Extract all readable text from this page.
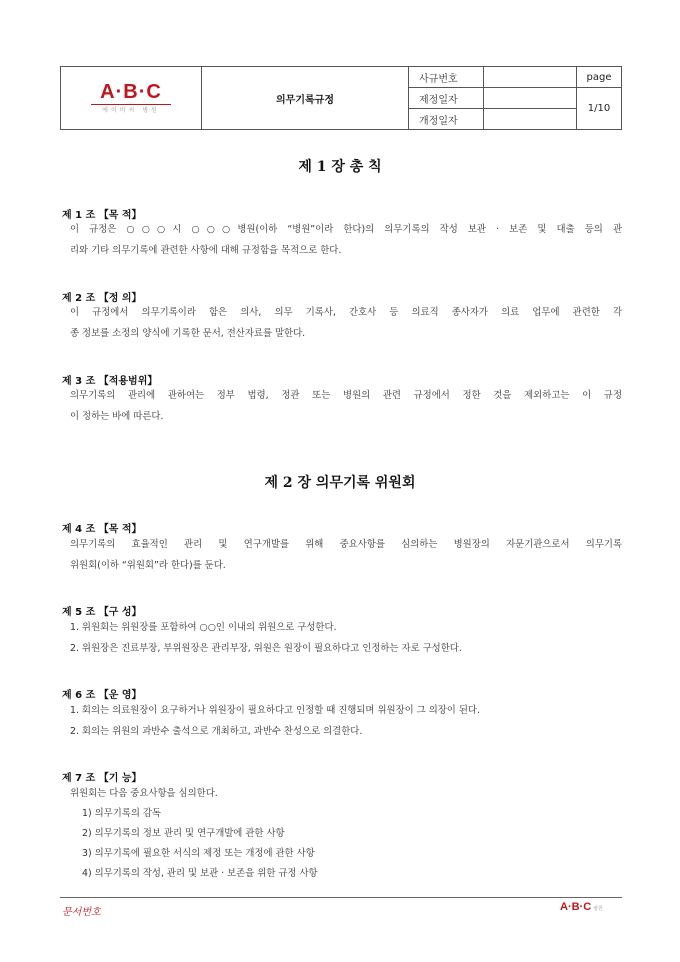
A·B·C
에이비씨 병원	의무기록규정	사규번호		page
		제정일자		1/10
		개정일자		
제 1 장 총 칙
제 1 조 【목 적】
이 규정은 ○○○시 ○○○병원(이하 “병원”이라 한다)의 의무기록의 작성 보관 · 보존 및 대출 등의 관
리와 기타 의무기록에 관련한 사항에 대해 규정함을 목적으로 한다.
제 2 조 【정 의】
이 규정에서 의무기록이라 함은 의사, 의무 기록사, 간호사 등 의료직 종사자가 의료 업무에 관련한 각
종 정보를 소정의 양식에 기록한 문서, 전산자료를 말한다.
제 3 조 【적용범위】
의무기록의 관리에 관하여는 정부 법령, 정관 또는 병원의 관련 규정에서 정한 것을 제외하고는 이 규정
이 정하는 바에 따른다.
제 2 장 의무기록 위원회
제 4 조 【목 적】
의무기록의 효율적인 관리 및 연구개발를 위해 중요사항를 심의하는 병원장의 자문기관으로서 의무기록
위원회(이하 “위원회”라 한다)를 둔다.
제 5 조 【구 성】
1. 위원회는 위원장를 포함하여 ○○인 이내의 위원으로 구성한다.
2. 위원장은 진료부장, 부위원장은 관리부장, 위원은 원장이 필요하다고 인정하는 자로 구성한다.
제 6 조 【운 영】
1. 회의는 의료원장이 요구하거나 위원장이 필요하다고 인정할 때 진행되며 위원장이 그 의장이 된다.
2. 회의는 위원의 과반수 출석으로 개최하고, 과반수 찬성으로 의결한다.
제 7 조 【기 능】
위원회는 다음 중요사항을 심의한다.
1) 의무기록의 감독
2) 의무기록의 정보 관리 및 연구개발에 관한 사항
3) 의무기록에 필요한 서식의 제정 또는 개정에 관한 사항
4) 의무기록의 작성, 관리 및 보관 · 보존을 위한 규정 사항
문서번호	A·B·C 병원
